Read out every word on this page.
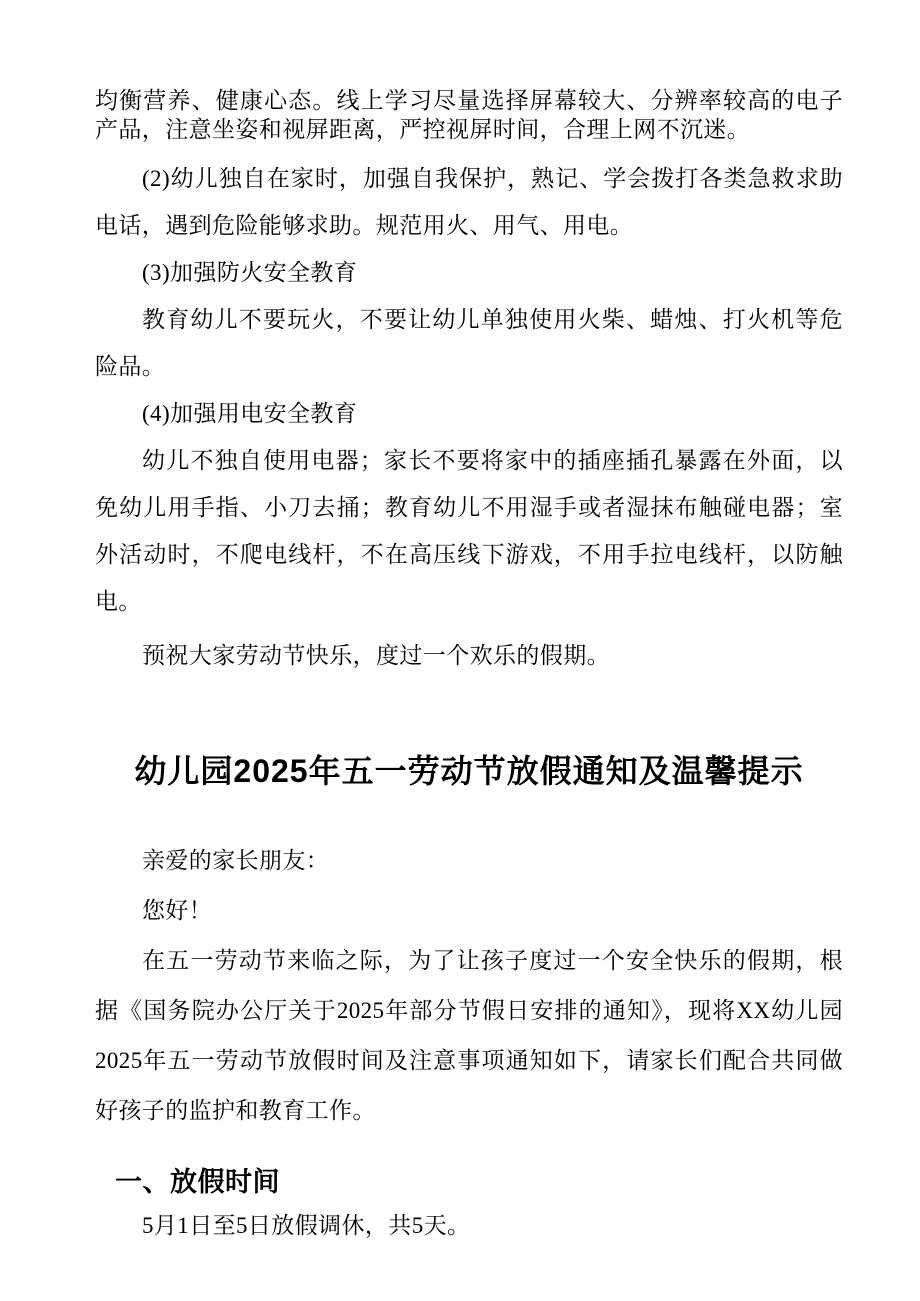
均衡营养、健康心态。线上学习尽量选择屏幕较大、分辨率较高的电子产品，注意坐姿和视屏距离，严控视屏时间，合理上网不沉迷。

(2)幼儿独自在家时，加强自我保护，熟记、学会拨打各类急救求助电话，遇到危险能够求助。规范用火、用气、用电。

(3)加强防火安全教育

教育幼儿不要玩火，不要让幼儿单独使用火柴、蜡烛、打火机等危险品。

(4)加强用电安全教育

幼儿不独自使用电器；家长不要将家中的插座插孔暴露在外面，以免幼儿用手指、小刀去捅；教育幼儿不用湿手或者湿抹布触碰电器；室外活动时，不爬电线杆，不在高压线下游戏，不用手拉电线杆，以防触电。

预祝大家劳动节快乐，度过一个欢乐的假期。

幼儿园2025年五一劳动节放假通知及温馨提示

亲爱的家长朋友：

您好！

在五一劳动节来临之际，为了让孩子度过一个安全快乐的假期，根据《国务院办公厅关于2025年部分节假日安排的通知》，现将XX幼儿园2025年五一劳动节放假时间及注意事项通知如下，请家长们配合共同做好孩子的监护和教育工作。

一、放假时间

5月1日至5日放假调休，共5天。
